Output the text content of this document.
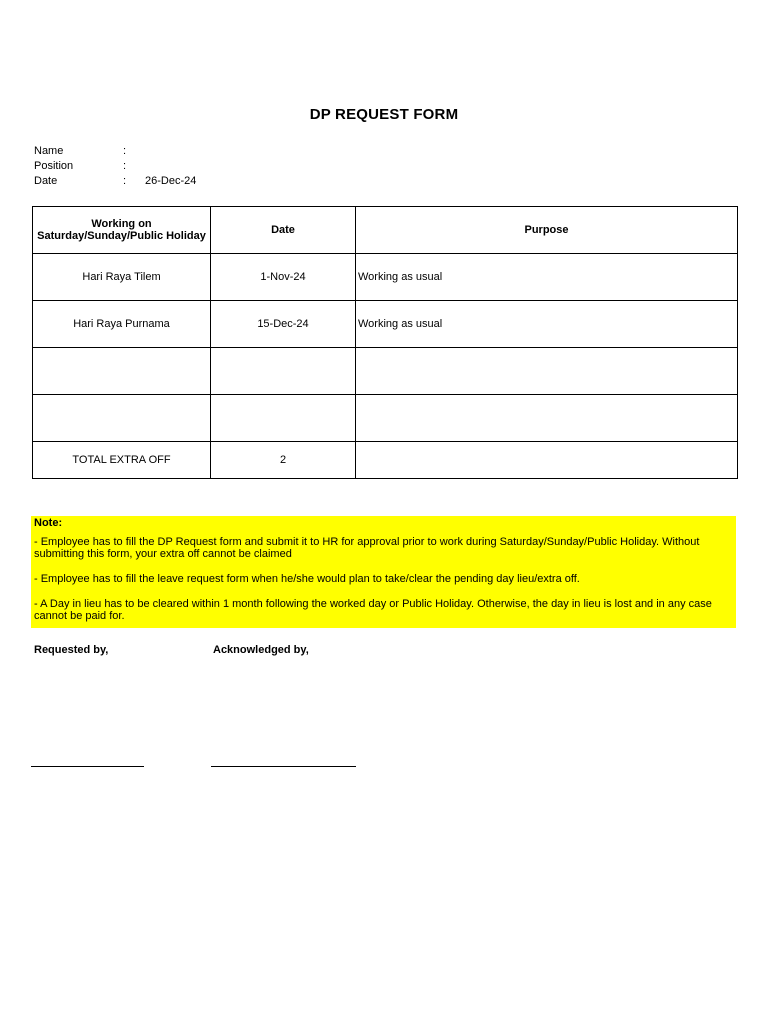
DP REQUEST FORM
Name	:
Position	:
Date	: 26-Dec-24
Working on Saturday/Sunday/Public Holiday	Date	Purpose
Hari Raya Tilem	1-Nov-24	Working as usual
Hari Raya Purnama	15-Dec-24	Working as usual

TOTAL EXTRA OFF	2	
Note:
- Employee has to fill the DP Request form and submit it to HR for approval prior to work during Saturday/Sunday/Public Holiday. Without submitting this form, your extra off cannot be claimed
- Employee has to fill the leave request form when he/she would plan to take/clear the pending day lieu/extra off.
- A Day in lieu has to be cleared within 1 month following the worked day or Public Holiday. Otherwise, the day in lieu is lost and in any case cannot be paid for.
Requested by,	Acknowledged by,
